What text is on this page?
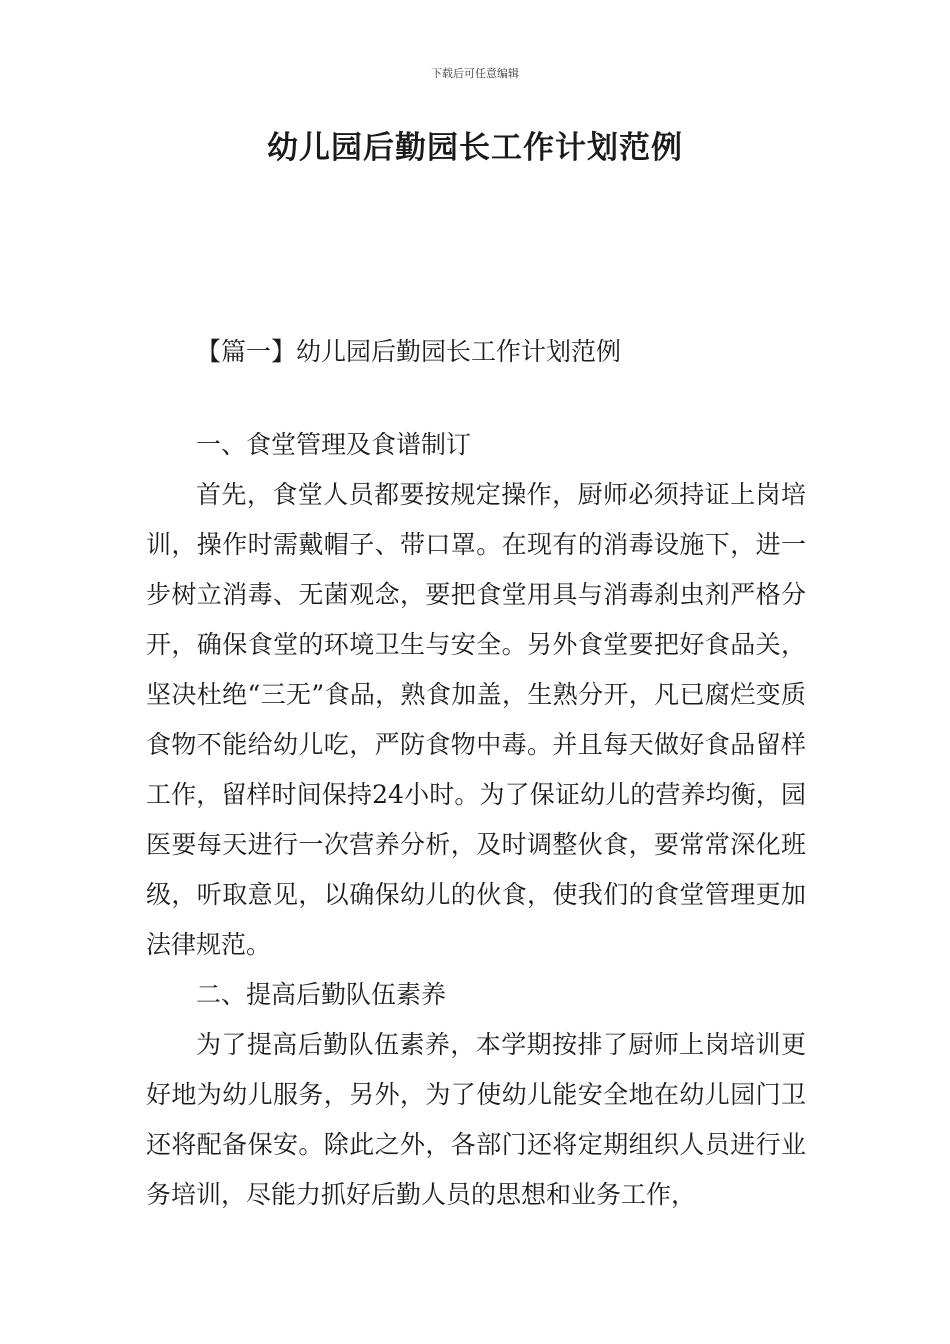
下载后可任意编辑
幼儿园后勤园长工作计划范例
【篇一】幼儿园后勤园长工作计划范例

一、食堂管理及食谱制订

首先，食堂人员都要按规定操作，厨师必须持证上岗培训，操作时需戴帽子、带口罩。在现有的消毒设施下，进一步树立消毒、无菌观念，要把食堂用具与消毒刹虫剂严格分开，确保食堂的环境卫生与安全。另外食堂要把好食品关，坚决杜绝“三无”食品，熟食加盖，生熟分开，凡已腐烂变质食物不能给幼儿吃，严防食物中毒。并且每天做好食品留样工作，留样时间保持24小时。为了保证幼儿的营养均衡，园医要每天进行一次营养分析，及时调整伙食，要常常深化班级，听取意见，以确保幼儿的伙食，使我们的食堂管理更加法律规范。

二、提高后勤队伍素养

为了提高后勤队伍素养，本学期按排了厨师上岗培训更好地为幼儿服务，另外，为了使幼儿能安全地在幼儿园门卫还将配备保安。除此之外，各部门还将定期组织人员进行业务培训，尽能力抓好后勤人员的思想和业务工作，
